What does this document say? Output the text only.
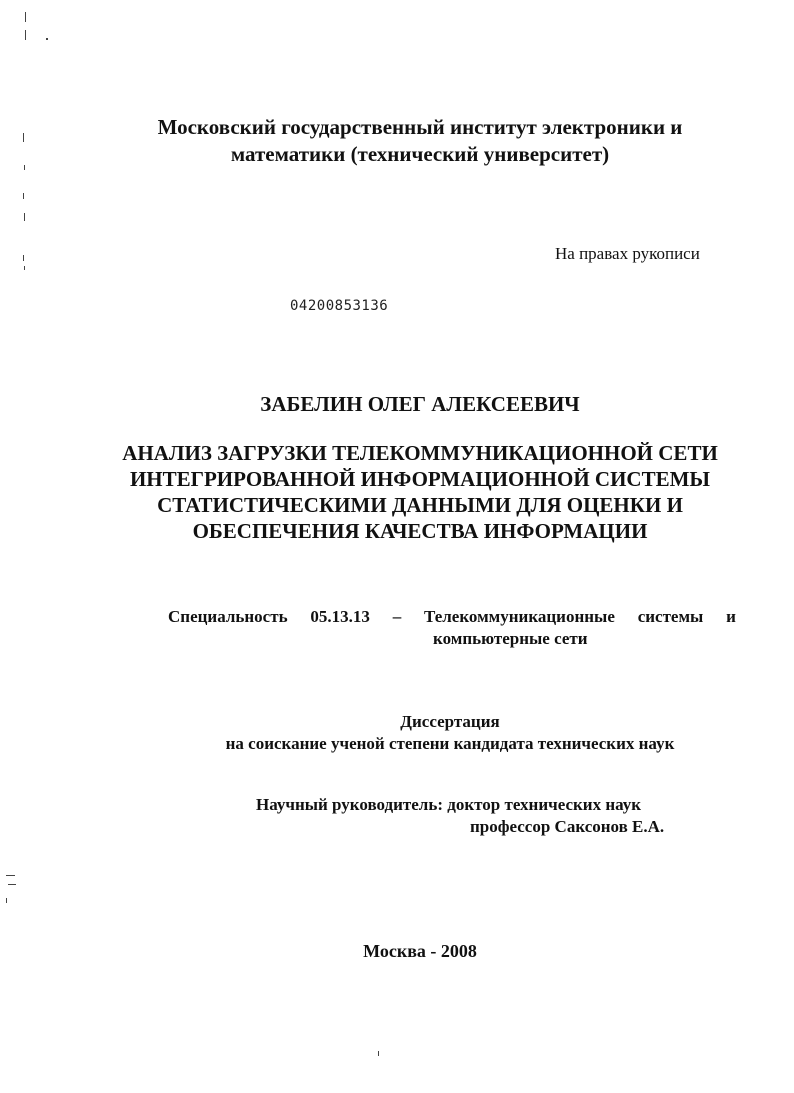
Московский государственный институт электроники и
математики (технический университет)
На правах рукописи
04200853136
ЗАБЕЛИН ОЛЕГ АЛЕКСЕЕВИЧ
АНАЛИЗ ЗАГРУЗКИ ТЕЛЕКОММУНИКАЦИОННОЙ СЕТИ
ИНТЕГРИРОВАННОЙ ИНФОРМАЦИОННОЙ СИСТЕМЫ
СТАТИСТИЧЕСКИМИ ДАННЫМИ ДЛЯ ОЦЕНКИ И
ОБЕСПЕЧЕНИЯ КАЧЕСТВА ИНФОРМАЦИИ
Специальность 05.13.13 – Телекоммуникационные системы и
компьютерные сети
Диссертация
на соискание ученой степени кандидата технических наук
Научный руководитель: доктор технических наук
профессор Саксонов Е.А.
Москва - 2008
